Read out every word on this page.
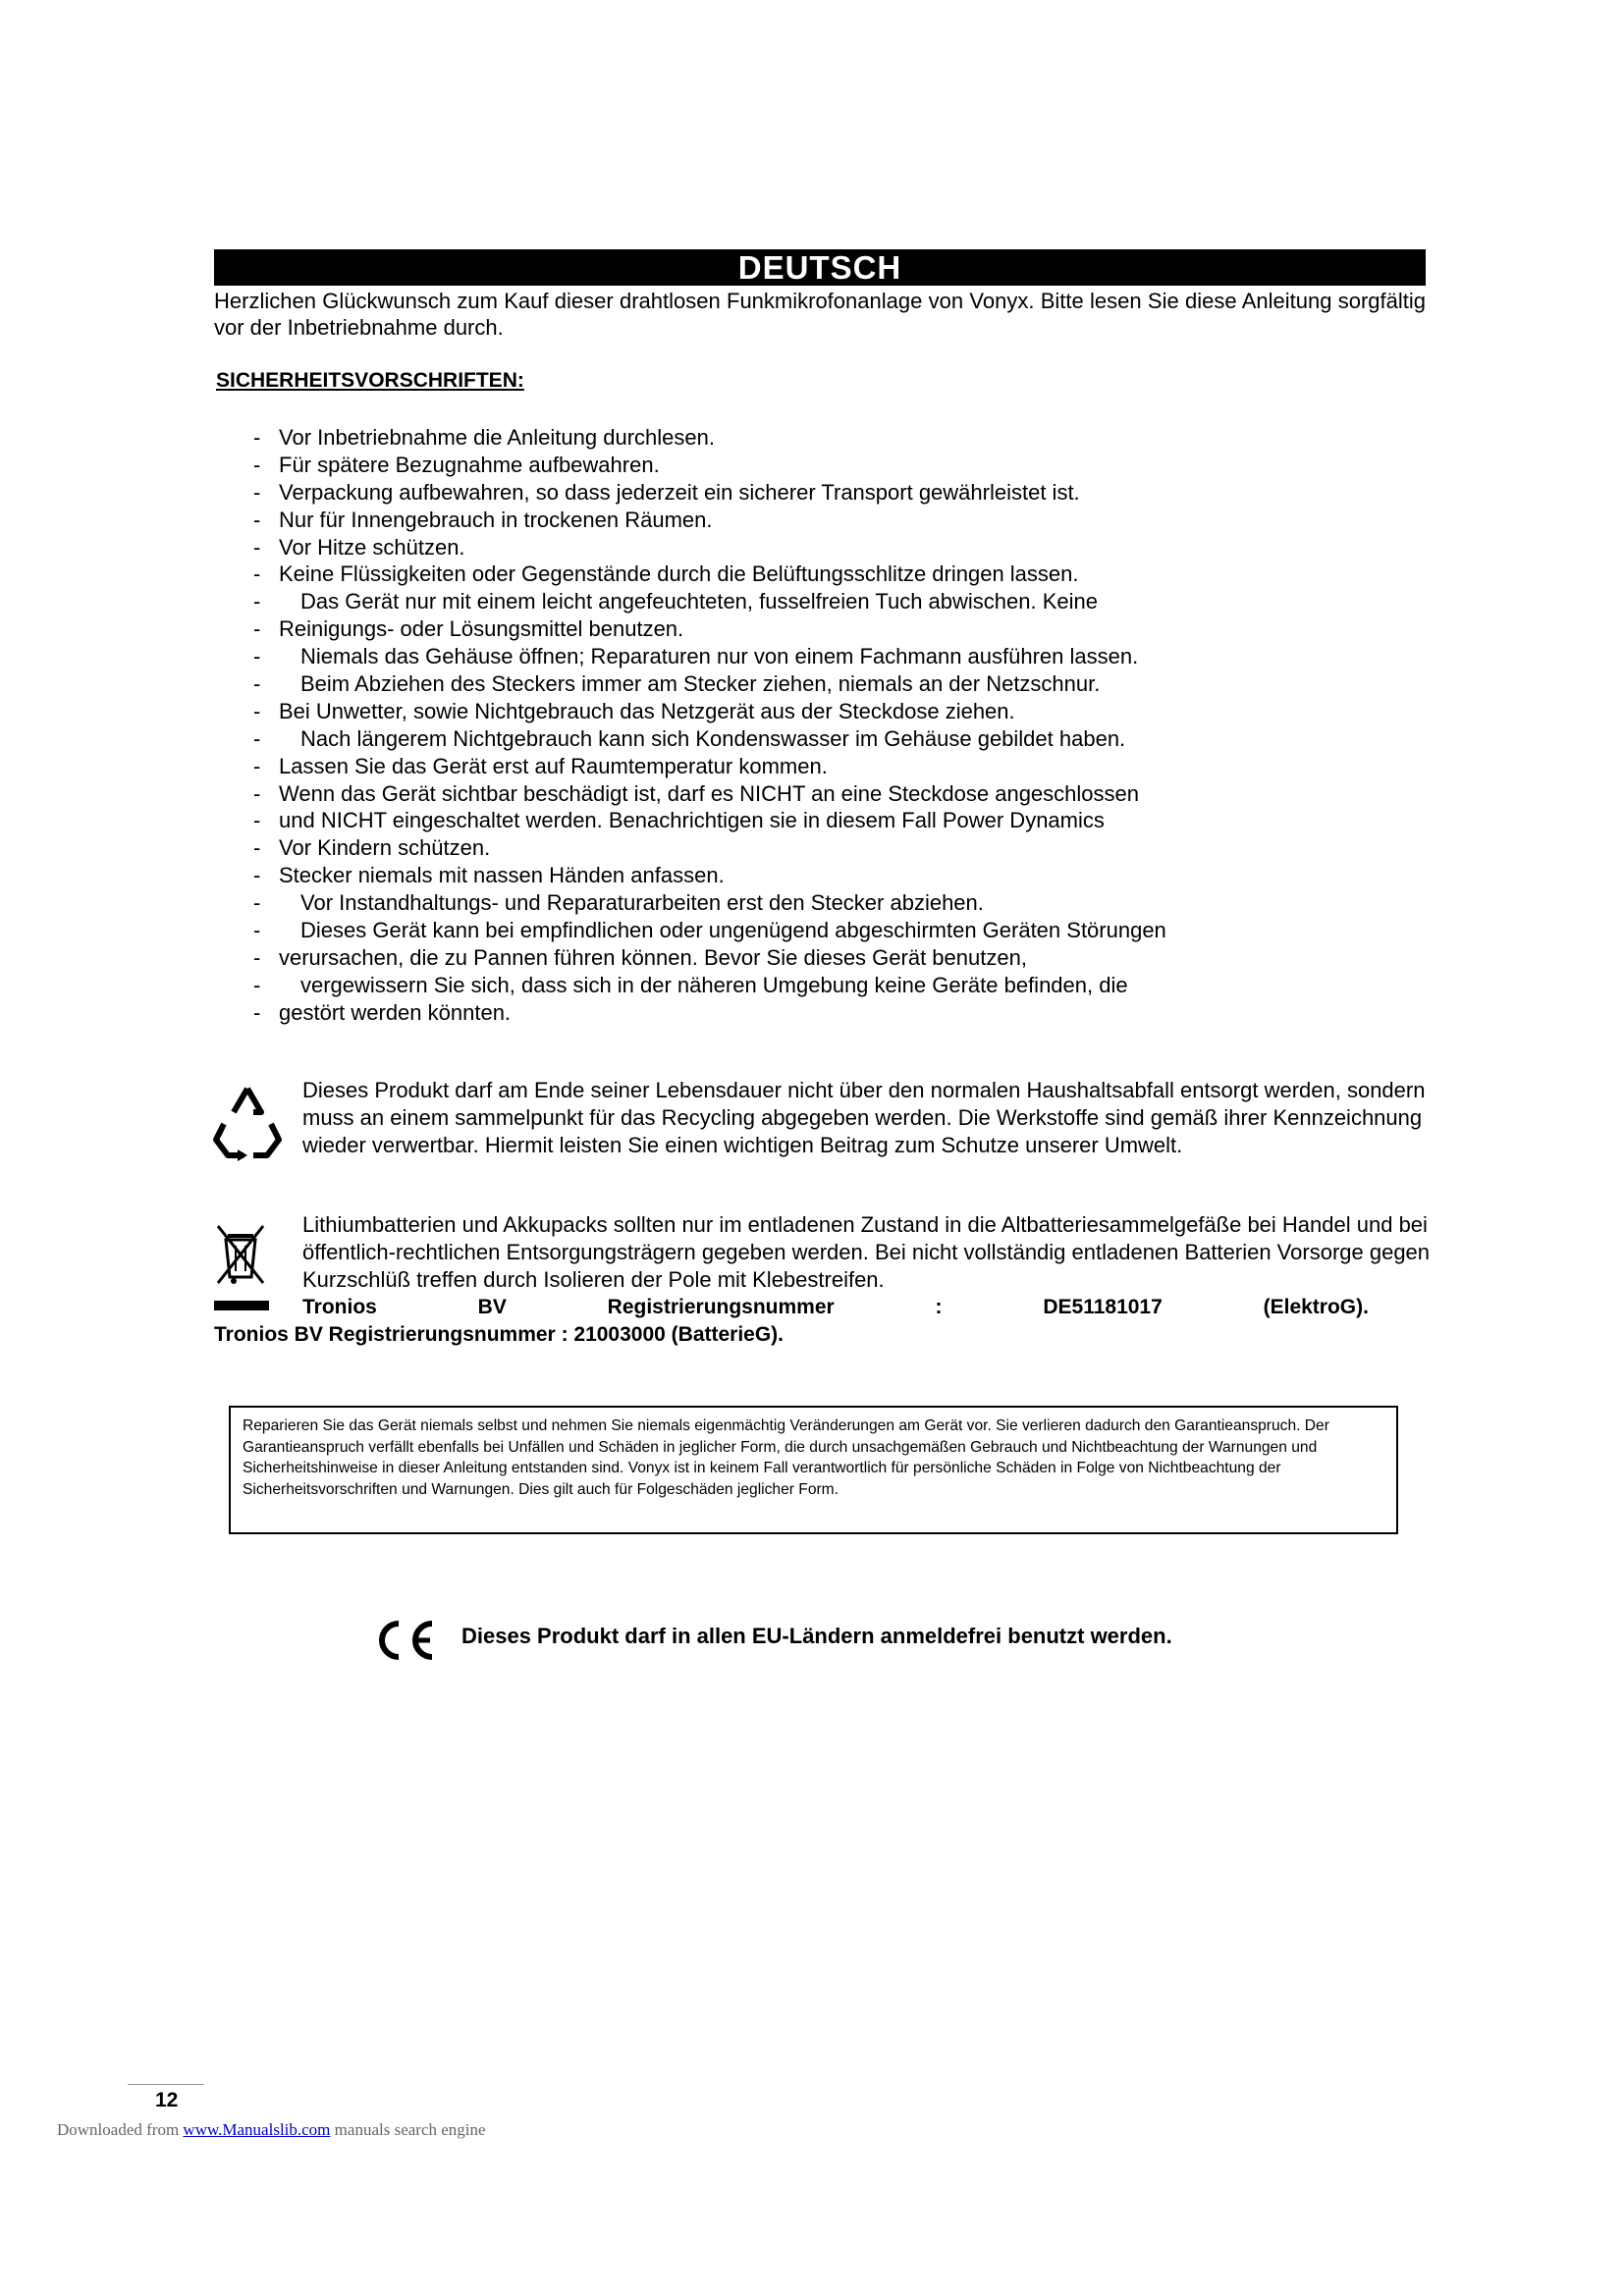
DEUTSCH
Herzlichen Glückwunsch zum Kauf dieser drahtlosen Funkmikrofonanlage von Vonyx. Bitte lesen Sie diese Anleitung sorgfältig vor der Inbetriebnahme durch.
SICHERHEITSVORSCHRIFTEN:
- Vor Inbetriebnahme die Anleitung durchlesen.
- Für spätere Bezugnahme aufbewahren.
- Verpackung aufbewahren, so dass jederzeit ein sicherer Transport gewährleistet ist.
- Nur für Innengebrauch in trockenen Räumen.
- Vor Hitze schützen.
- Keine Flüssigkeiten oder Gegenstände durch die Belüftungsschlitze dringen lassen.
- Das Gerät nur mit einem leicht angefeuchteten, fusselfreien Tuch abwischen. Keine
- Reinigungs- oder Lösungsmittel benutzen.
- Niemals das Gehäuse öffnen; Reparaturen nur von einem Fachmann ausführen lassen.
- Beim Abziehen des Steckers immer am Stecker ziehen, niemals an der Netzschnur.
- Bei Unwetter, sowie Nichtgebrauch das Netzgerät aus der Steckdose ziehen.
- Nach längerem Nichtgebrauch kann sich Kondenswasser im Gehäuse gebildet haben.
- Lassen Sie das Gerät erst auf Raumtemperatur kommen.
- Wenn das Gerät sichtbar beschädigt ist, darf es NICHT an eine Steckdose angeschlossen
- und NICHT eingeschaltet werden. Benachrichtigen sie in diesem Fall Power Dynamics
- Vor Kindern schützen.
- Stecker niemals mit nassen Händen anfassen.
- Vor Instandhaltungs- und Reparaturarbeiten erst den Stecker abziehen.
- Dieses Gerät kann bei empfindlichen oder ungenügend abgeschirmten Geräten Störungen
- verursachen, die zu Pannen führen können. Bevor Sie dieses Gerät benutzen,
- vergewissern Sie sich, dass sich in der näheren Umgebung keine Geräte befinden, die
- gestört werden könnten.
Dieses Produkt darf am Ende seiner Lebensdauer nicht über den normalen Haushaltsabfall entsorgt werden, sondern muss an einem sammelpunkt für das Recycling abgegeben werden. Die Werkstoffe sind gemäß ihrer Kennzeichnung wieder verwertbar. Hiermit leisten Sie einen wichtigen Beitrag zum Schutze unserer Umwelt.
Lithiumbatterien und Akkupacks sollten nur im entladenen Zustand in die Altbatteriesammelgefäße bei Handel und bei öffentlich-rechtlichen Entsorgungsträgern gegeben werden. Bei nicht vollständig entladenen Batterien Vorsorge gegen Kurzschlüß treffen durch Isolieren der Pole mit Klebestreifen.
Tronios	BV	Registrierungsnummer	:	DE51181017	(ElektroG).
Tronios BV Registrierungsnummer : 21003000 (BatterieG).
Reparieren Sie das Gerät niemals selbst und nehmen Sie niemals eigenmächtig Veränderungen am Gerät vor. Sie verlieren dadurch den Garantieanspruch. Der Garantieanspruch verfällt ebenfalls bei Unfällen und Schäden in jeglicher Form, die durch unsachgemäßen Gebrauch und Nichtbeachtung der Warnungen und Sicherheitshinweise in dieser Anleitung entstanden sind. Vonyx ist in keinem Fall verantwortlich für persönliche Schäden in Folge von Nichtbeachtung der Sicherheitsvorschriften und Warnungen. Dies gilt auch für Folgeschäden jeglicher Form.
Dieses Produkt darf in allen EU-Ländern anmeldefrei benutzt werden.
12
Downloaded from www.Manualslib.com manuals search engine
